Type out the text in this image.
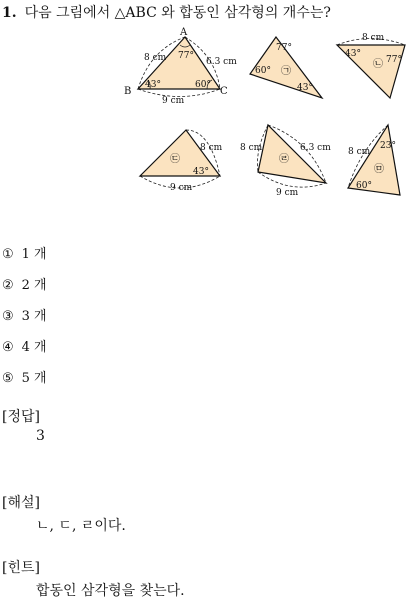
1. 다음 그림에서 △ABC 와 합동인 삼각형의 개수는?
A
B	C
8 cm	6.3 cm
9 cm
77°
43°	60°
77°
60°
43°
㉠
8 cm
43°
77°
㉡
8 cm
9 cm
43°
㉢
8 cm	6.3 cm
9 cm
㉣
8 cm
23°
60°
㉤
① 1 개
② 2 개
③ 3 개
④ 4 개
⑤ 5 개
[정답]
3
[해설]
ㄴ, ㄷ, ㄹ이다.
[힌트]
합동인 삼각형을 찾는다.
